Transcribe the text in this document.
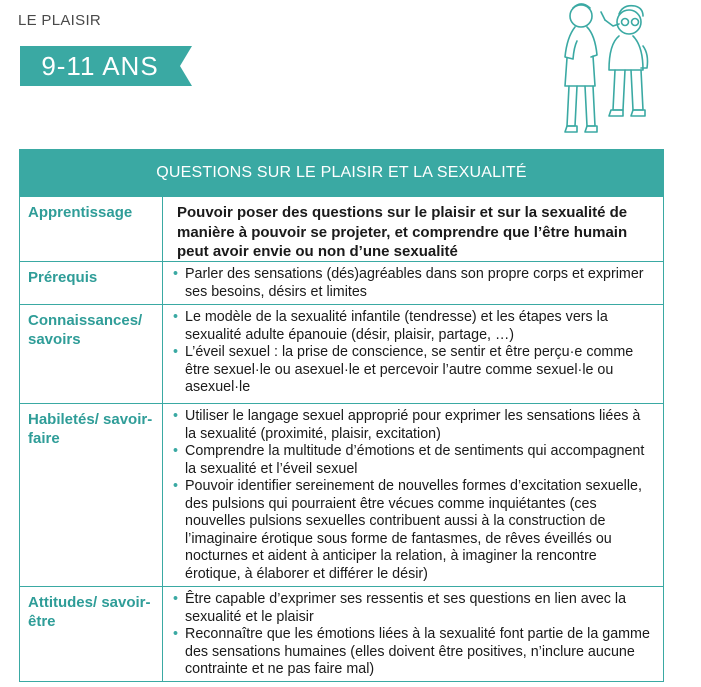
LE PLAISIR
9-11 ANS
QUESTIONS SUR LE PLAISIR ET LA SEXUALITÉ
Apprentissage	Pouvoir poser des questions sur le plaisir et sur la sexualité de manière à pouvoir se projeter, et comprendre que l’être humain peut avoir envie ou non d’une sexualité
Prérequis
•	Parler des sensations (dés)agréables dans son propre corps et exprimer ses besoins, désirs et limites
Connaissances/ savoirs
• Le modèle de la sexualité infantile (tendresse) et les étapes vers la sexualité adulte épanouie (désir, plaisir, partage, …)
• L’éveil sexuel : la prise de conscience, se sentir et être perçu·e comme être sexuel·le ou asexuel·le et percevoir l’autre comme sexuel·le ou asexuel·le
Habiletés/ savoir-faire
• Utiliser le langage sexuel approprié pour exprimer les sensations liées à la sexualité (proximité, plaisir, excitation)
• Comprendre la multitude d’émotions et de sentiments qui accompagnent la sexualité et l’éveil sexuel
• Pouvoir identifier sereinement de nouvelles formes d’excitation sexuelle, des pulsions qui pourraient être vécues comme inquiétantes (ces nouvelles pulsions sexuelles contribuent aussi à la construction de l’imaginaire érotique sous forme de fantasmes, de rêves éveillés ou nocturnes et aident à anticiper la relation, à imaginer la rencontre érotique, à élaborer et différer le désir)
Attitudes/ savoir-être
• Être capable d’exprimer ses ressentis et ses questions en lien avec la sexualité et le plaisir
• Reconnaître que les émotions liées à la sexualité font partie de la gamme des sensations humaines (elles doivent être positives, n’inclure aucune contrainte et ne pas faire mal)
